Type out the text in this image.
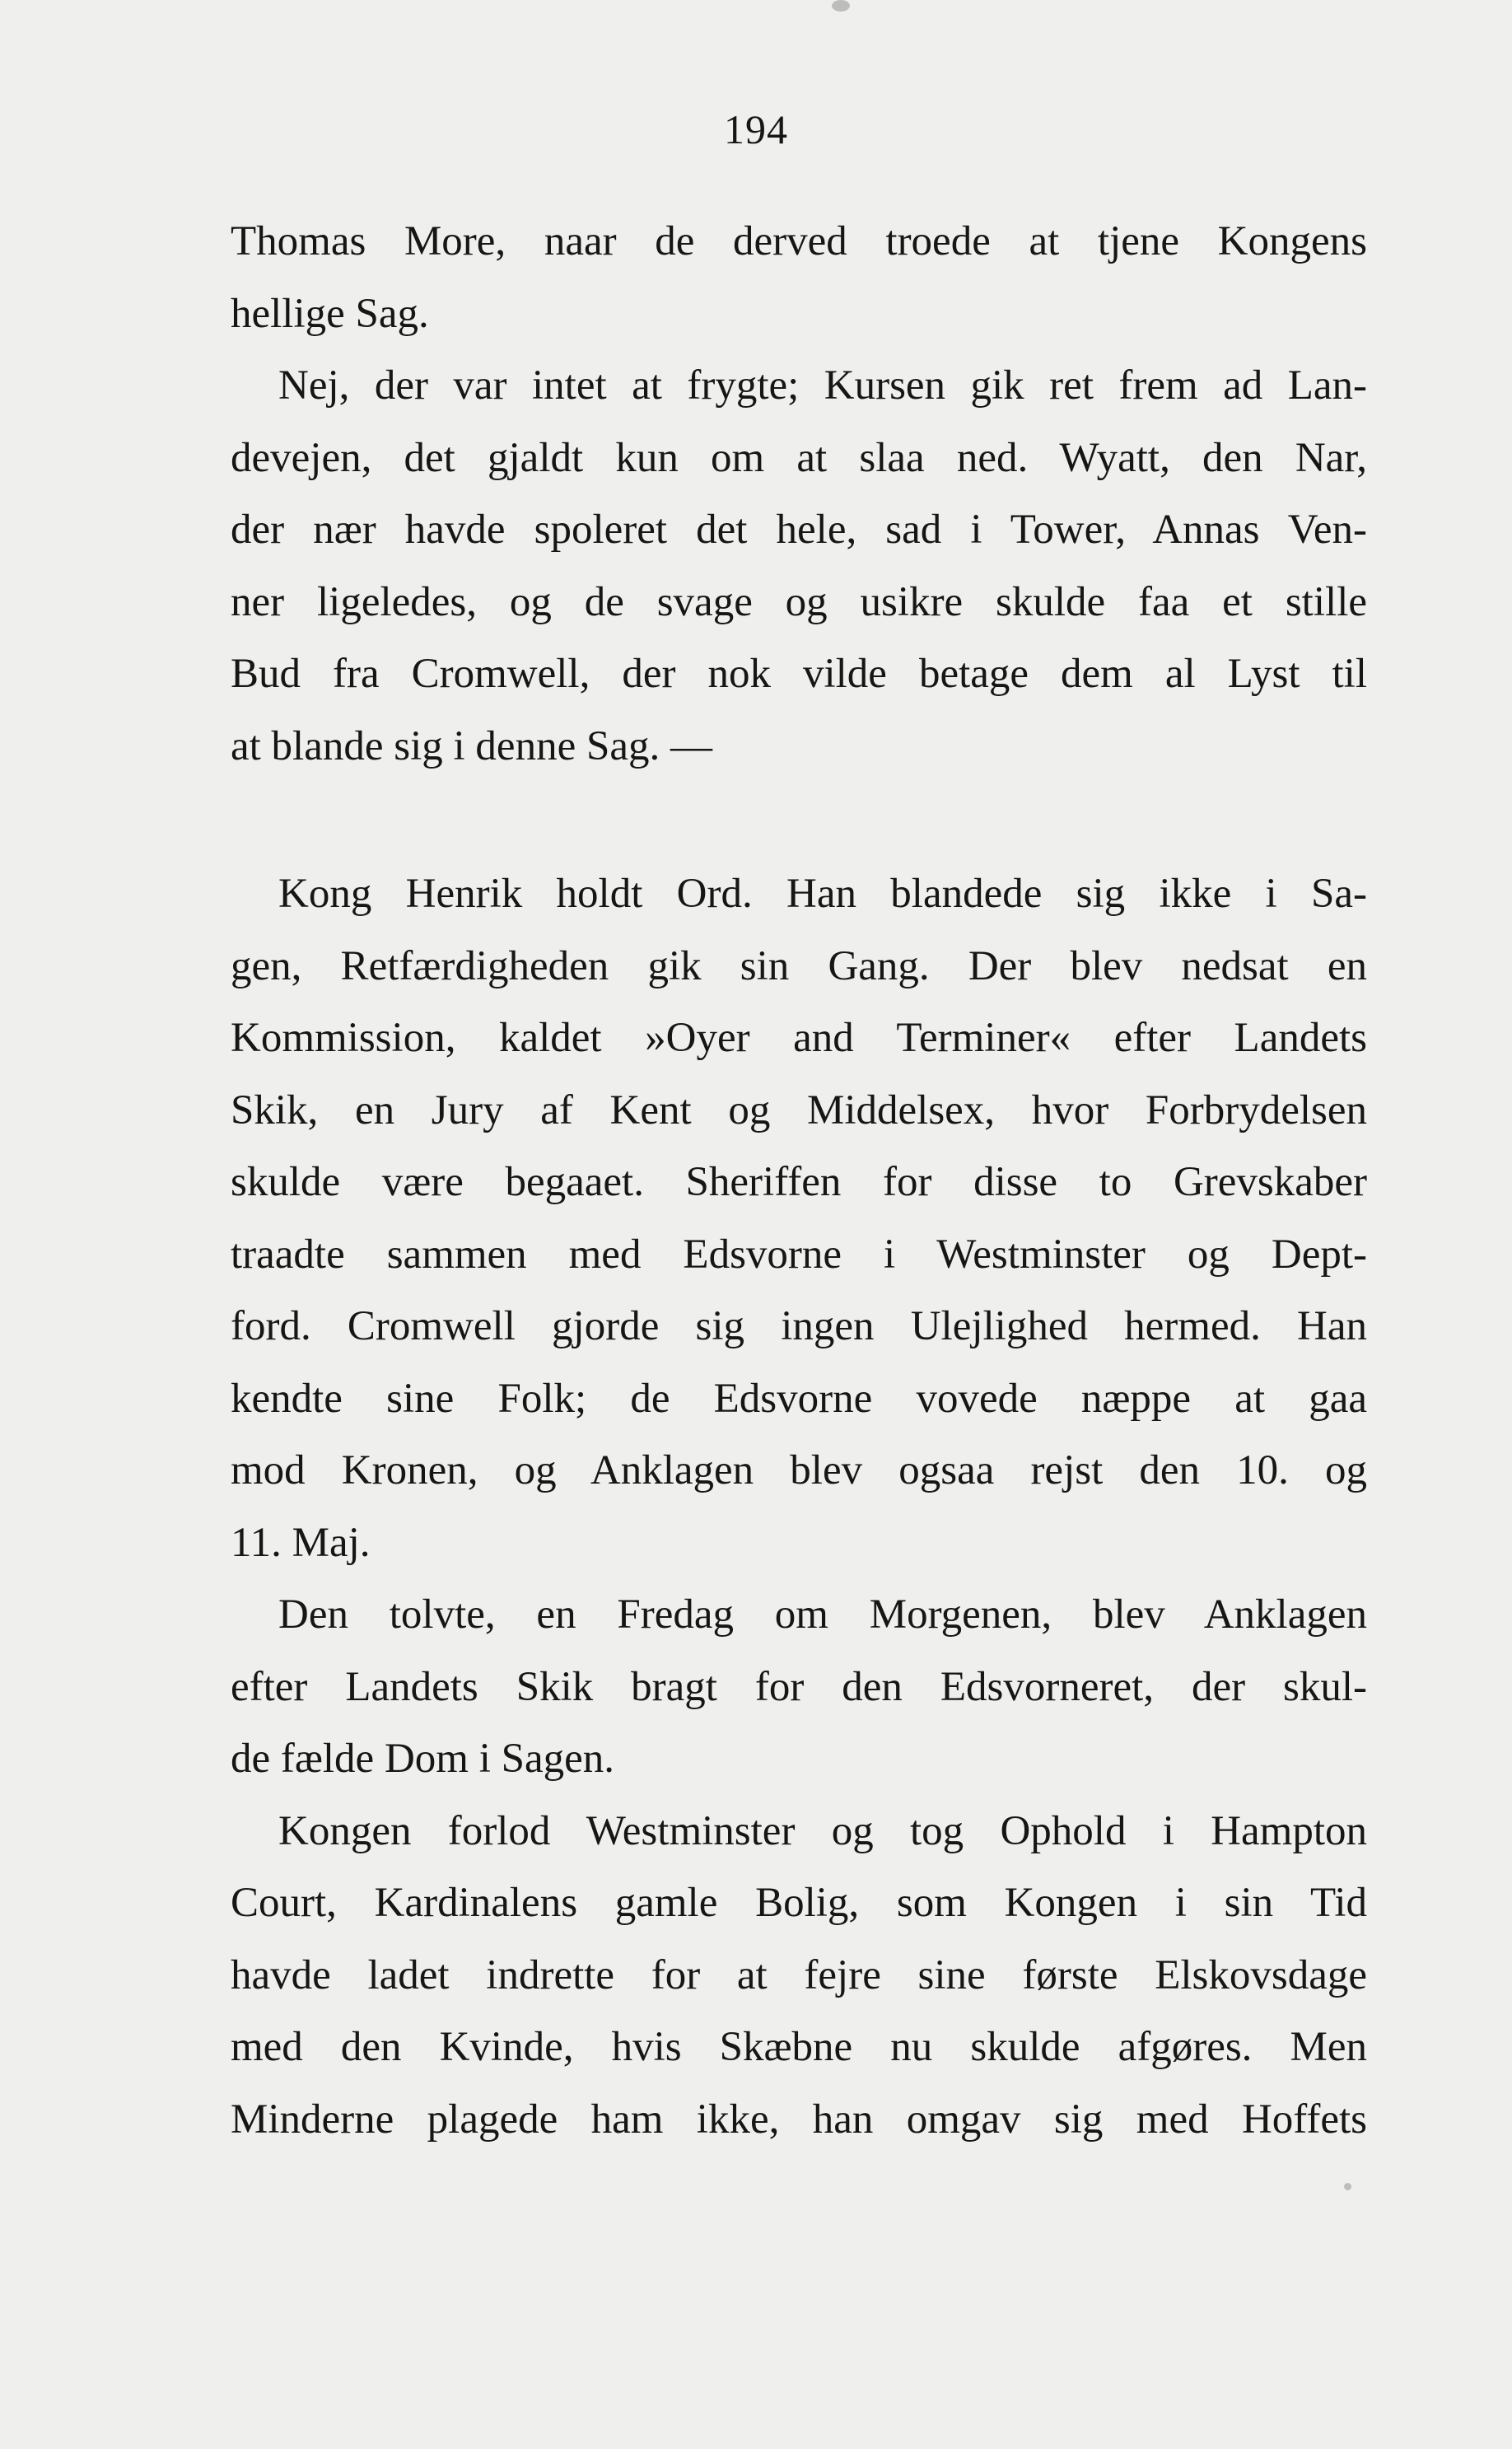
194
Thomas More, naar de derved troede at tjene Kongens
hellige Sag.
Nej, der var intet at frygte; Kursen gik ret frem ad Lan-
devejen, det gjaldt kun om at slaa ned. Wyatt, den Nar,
der nær havde spoleret det hele, sad i Tower, Annas Ven-
ner ligeledes, og de svage og usikre skulde faa et stille
Bud fra Cromwell, der nok vilde betage dem al Lyst til
at blande sig i denne Sag. —
Kong Henrik holdt Ord. Han blandede sig ikke i Sa-
gen, Retfærdigheden gik sin Gang. Der blev nedsat en
Kommission, kaldet »Oyer and Terminer« efter Landets
Skik, en Jury af Kent og Middelsex, hvor Forbrydelsen
skulde være begaaet. Sheriffen for disse to Grevskaber
traadte sammen med Edsvorne i Westminster og Dept-
ford. Cromwell gjorde sig ingen Ulejlighed hermed. Han
kendte sine Folk; de Edsvorne vovede næppe at gaa
mod Kronen, og Anklagen blev ogsaa rejst den 10. og
11. Maj.
Den tolvte, en Fredag om Morgenen, blev Anklagen
efter Landets Skik bragt for den Edsvorneret, der skul-
de fælde Dom i Sagen.
Kongen forlod Westminster og tog Ophold i Hampton
Court, Kardinalens gamle Bolig, som Kongen i sin Tid
havde ladet indrette for at fejre sine første Elskovsdage
med den Kvinde, hvis Skæbne nu skulde afgøres. Men
Minderne plagede ham ikke, han omgav sig med Hoffets
